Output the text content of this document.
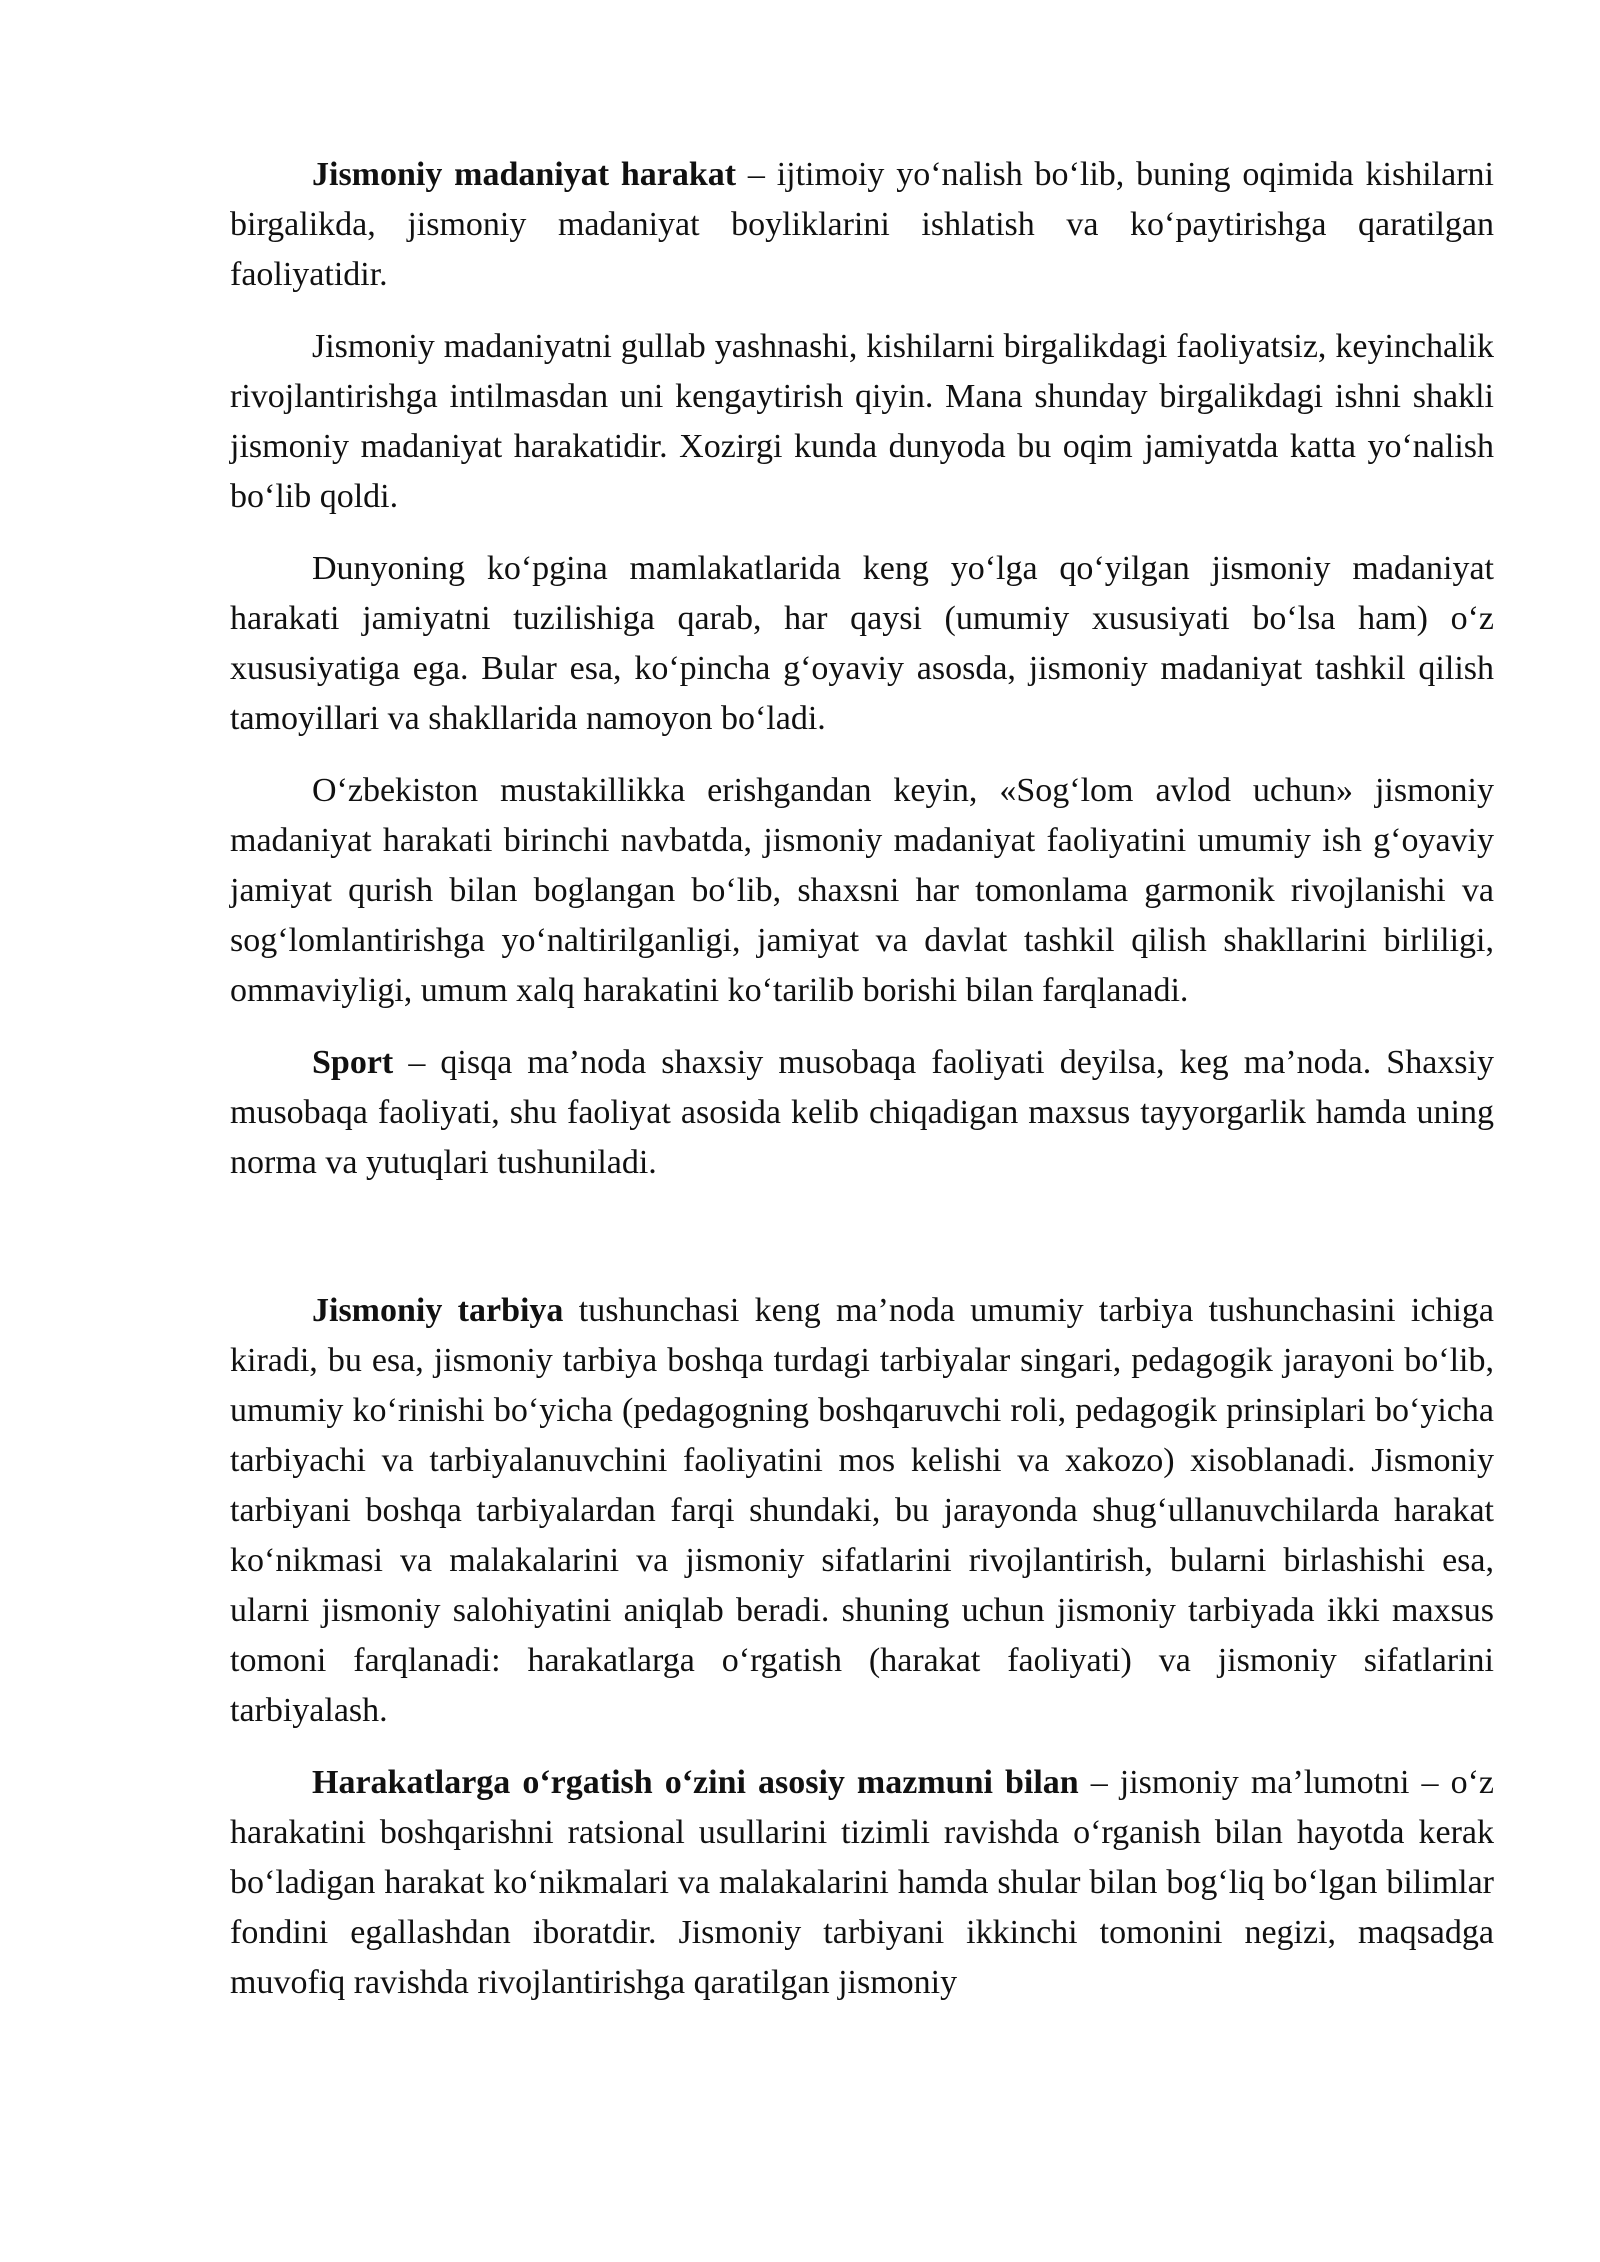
Jismoniy madaniyat harakat – ijtimoiy yo‘nalish bo‘lib, buning oqimida kishilarni birgalikda, jismoniy madaniyat boyliklarini ishlatish va ko‘paytirishga qaratilgan faoliyatidir.

Jismoniy madaniyatni gullab yashnashi, kishilarni birgalikdagi faoliyatsiz, keyinchalik rivojlantirishga intilmasdan uni kengaytirish qiyin. Mana shunday birgalikdagi ishni shakli jismoniy madaniyat harakatidir. Xozirgi kunda dunyoda bu oqim jamiyatda katta yo‘nalish bo‘lib qoldi.

Dunyoning ko‘pgina mamlakatlarida keng yo‘lga qo‘yilgan jismoniy madaniyat harakati jamiyatni tuzilishiga qarab, har qaysi (umumiy xususiyati bo‘lsa ham) o‘z xususiyatiga ega. Bular esa, ko‘pincha g‘oyaviy asosda, jismoniy madaniyat tashkil qilish tamoyillari va shakllarida namoyon bo‘ladi.

O‘zbekiston mustakillikka erishgandan keyin, «Sog‘lom avlod uchun» jismoniy madaniyat harakati birinchi navbatda, jismoniy madaniyat faoliyatini umumiy ish g‘oyaviy jamiyat qurish bilan boglangan bo‘lib, shaxsni har tomonlama garmonik rivojlanishi va sog‘lomlantirishga yo‘naltirilganligi, jamiyat va davlat tashkil qilish shakllarini birliligi, ommaviyligi, umum xalq harakatini ko‘tarilib borishi bilan farqlanadi.

Sport – qisqa ma’noda shaxsiy musobaqa faoliyati deyilsa, keg ma’noda. Shaxsiy musobaqa faoliyati, shu faoliyat asosida kelib chiqadigan maxsus tayyorgarlik hamda uning norma va yutuqlari tushuniladi.

Jismoniy tarbiya tushunchasi keng ma’noda umumiy tarbiya tushunchasini ichiga kiradi, bu esa, jismoniy tarbiya boshqa turdagi tarbiyalar singari, pedagogik jarayoni bo‘lib, umumiy ko‘rinishi bo‘yicha (pedagogning boshqaruvchi roli, pedagogik prinsiplari bo‘yicha tarbiyachi va tarbiyalanuvchini faoliyatini mos kelishi va xakozo) xisoblanadi. Jismoniy tarbiyani boshqa tarbiyalardan farqi shundaki, bu jarayonda shug‘ullanuvchilarda harakat ko‘nikmasi va malakalarini va jismoniy sifatlarini rivojlantirish, bularni birlashishi esa, ularni jismoniy salohiyatini aniqlab beradi. shuning uchun jismoniy tarbiyada ikki maxsus tomoni farqlanadi: harakatlarga o‘rgatish (harakat faoliyati) va jismoniy sifatlarini tarbiyalash.

Harakatlarga o‘rgatish o‘zini asosiy mazmuni bilan – jismoniy ma’lumotni – o‘z harakatini boshqarishni ratsional usullarini tizimli ravishda o‘rganish bilan hayotda kerak bo‘ladigan harakat ko‘nikmalari va malakalarini hamda shular bilan bog‘liq bo‘lgan bilimlar fondini egallashdan iboratdir. Jismoniy tarbiyani ikkinchi tomonini negizi, maqsadga muvofiq ravishda rivojlantirishga qaratilgan jismoniy
